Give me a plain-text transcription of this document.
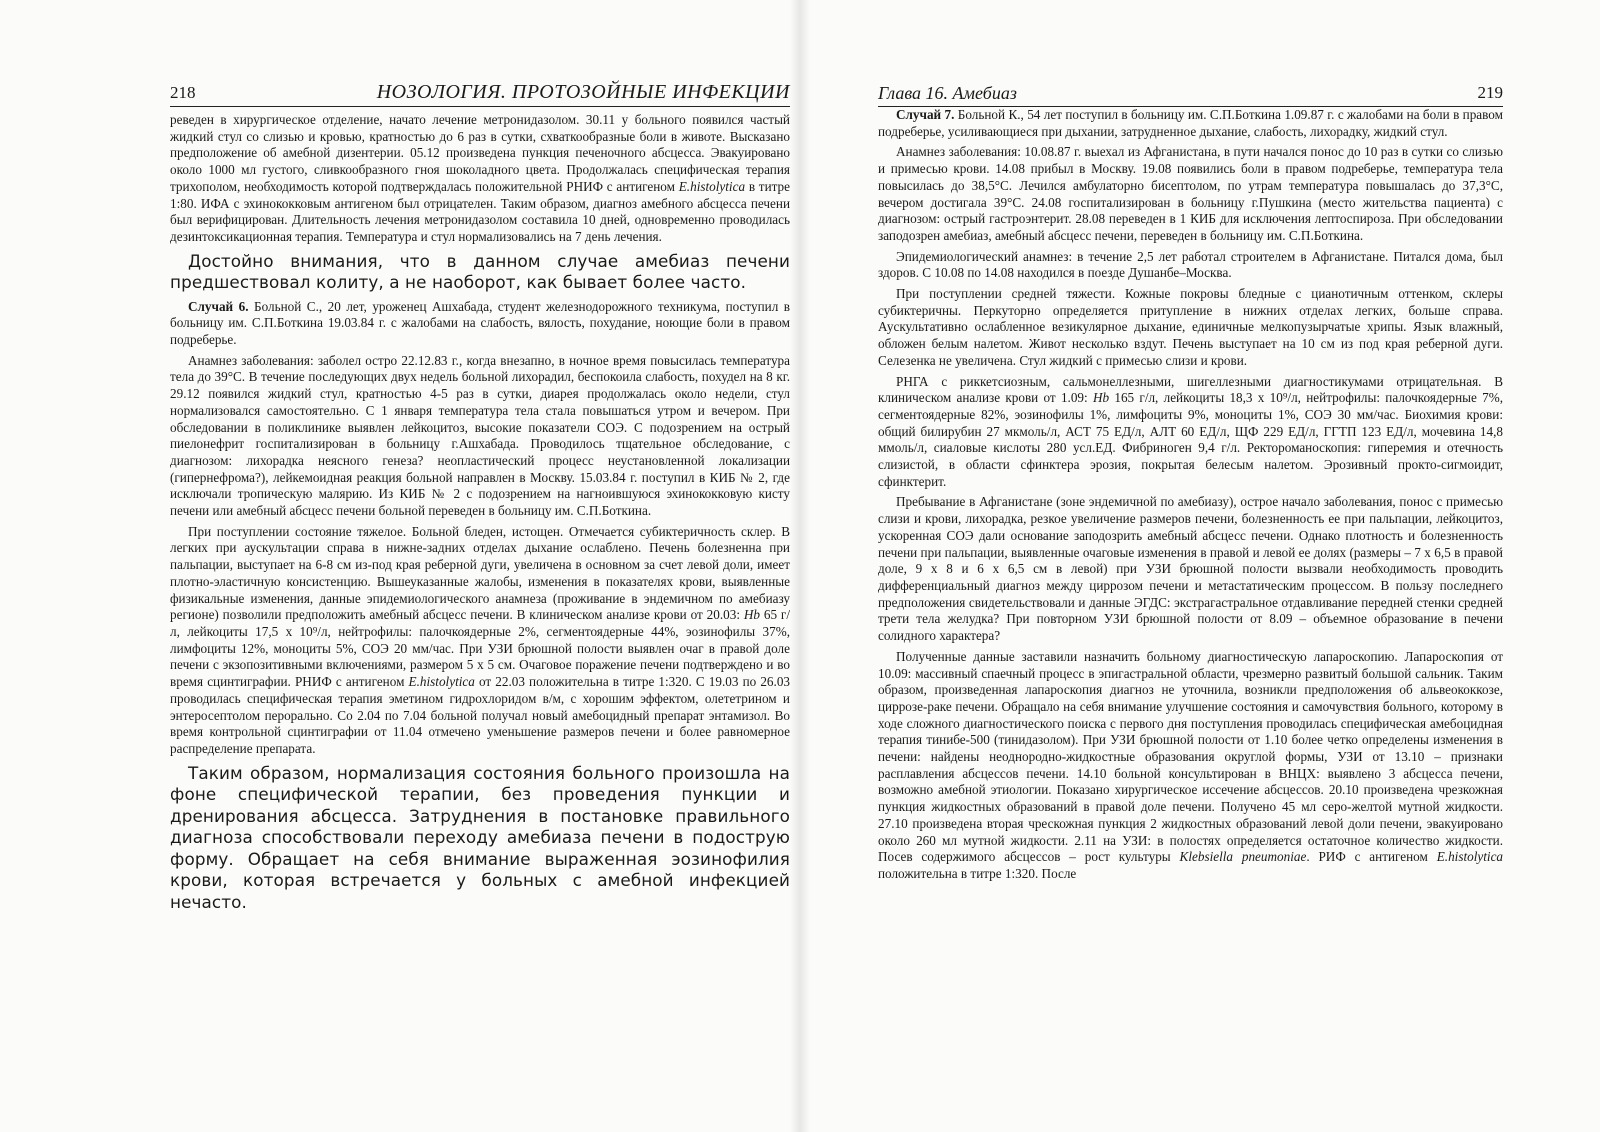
218	НОЗОЛОГИЯ. ПРОТОЗОЙНЫЕ ИНФЕКЦИИ

реведен в хирургическое отделение, начато лечение метронидазолом. 30.11 у больного появился частый жидкий стул со слизью и кровью, кратностью до 6 раз в сутки, схваткообразные боли в животе. Высказано предположение об амебной дизентерии. 05.12 произведена пункция печеночного абсцесса. Эвакуировано около 1000 мл густого, сливкообразного гноя шоколадного цвета. Продолжалась специфическая терапия трихополом, необходимость которой подтверждалась положительной РНИФ с антигеном E.histolytica в титре 1:80. ИФА с эхинококковым антигеном был отрицателен. Таким образом, диагноз амебного абсцесса печени был верифицирован. Длительность лечения метронидазолом составила 10 дней, одновременно проводилась дезинтоксикационная терапия. Температура и стул нормализовались на 7 день лечения.

Достойно внимания, что в данном случае амебиаз печени предшествовал колиту, а не наоборот, как бывает более часто.

Случай 6. Больной С., 20 лет, уроженец Ашхабада, студент железнодорожного техникума, поступил в больницу им. С.П.Боткина 19.03.84 г. с жалобами на слабость, вялость, похудание, ноющие боли в правом подреберье.

Анамнез заболевания: заболел остро 22.12.83 г., когда внезапно, в ночное время повысилась температура тела до 39°С. В течение последующих двух недель больной лихорадил, беспокоила слабость, похудел на 8 кг. 29.12 появился жидкий стул, кратностью 4-5 раз в сутки, диарея продолжалась около недели, стул нормализовался самостоятельно. С 1 января температура тела стала повышаться утром и вечером. При обследовании в поликлинике выявлен лейкоцитоз, высокие показатели СОЭ. С подозрением на острый пиелонефрит госпитализирован в больницу г.Ашхабада. Проводилось тщательное обследование, с диагнозом: лихорадка неясного генеза? неопластический процесс неустановленной локализации (гипернефрома?), лейкемоидная реакция больной направлен в Москву. 15.03.84 г. поступил в КИБ № 2, где исключали тропическую малярию. Из КИБ № 2 с подозрением на нагноившуюся эхинококковую кисту печени или амебный абсцесс печени больной переведен в больницу им. С.П.Боткина.

При поступлении состояние тяжелое. Больной бледен, истощен. Отмечается субиктеричность склер. В легких при аускультации справа в нижне-задних отделах дыхание ослаблено. Печень болезненна при пальпации, выступает на 6-8 см из-под края реберной дуги, увеличена в основном за счет левой доли, имеет плотно-эластичную консистенцию. Вышеуказанные жалобы, изменения в показателях крови, выявленные физикальные изменения, данные эпидемиологического анамнеза (проживание в эндемичном по амебиазу регионе) позволили предположить амебный абсцесс печени. В клиническом анализе крови от 20.03: Hb 65 г/л, лейкоциты 17,5 x 10⁹/л, нейтрофилы: палочкоядерные 2%, сегментоядерные 44%, эозинофилы 37%, лимфоциты 12%, моноциты 5%, СОЭ 20 мм/час. При УЗИ брюшной полости выявлен очаг в правой доле печени с экзопозитивными включениями, размером 5 x 5 см. Очаговое поражение печени подтверждено и во время сцинтиграфии. РНИФ с антигеном E.histolytica от 22.03 положительна в титре 1:320. С 19.03 по 26.03 проводилась специфическая терапия эметином гидрохлоридом в/м, с хорошим эффектом, олететрином и энтеросептолом перорально. Со 2.04 по 7.04 больной получал новый амебоцидный препарат энтамизол. Во время контрольной сцинтиграфии от 11.04 отмечено уменьшение размеров печени и более равномерное распределение препарата.

Таким образом, нормализация состояния больного произошла на фоне специфической терапии, без проведения пункции и дренирования абсцесса. Затруднения в постановке правильного диагноза способствовали переходу амебиаза печени в подострую форму. Обращает на себя внимание выраженная эозинофилия крови, которая встречается у больных с амебной инфекцией нечасто.

Глава 16. Амебиаз	219

Случай 7. Больной К., 54 лет поступил в больницу им. С.П.Боткина 1.09.87 г. с жалобами на боли в правом подреберье, усиливающиеся при дыхании, затрудненное дыхание, слабость, лихорадку, жидкий стул.

Анамнез заболевания: 10.08.87 г. выехал из Афганистана, в пути начался понос до 10 раз в сутки со слизью и примесью крови. 14.08 прибыл в Москву. 19.08 появились боли в правом подреберье, температура тела повысилась до 38,5°С. Лечился амбулаторно бисептолом, по утрам температура повышалась до 37,3°С, вечером достигала 39°С. 24.08 госпитализирован в больницу г.Пушкина (место жительства пациента) с диагнозом: острый гастроэнтерит. 28.08 переведен в 1 КИБ для исключения лептоспироза. При обследовании заподозрен амебиаз, амебный абсцесс печени, переведен в больницу им. С.П.Боткина.

Эпидемиологический анамнез: в течение 2,5 лет работал строителем в Афганистане. Питался дома, был здоров. С 10.08 по 14.08 находился в поезде Душанбе–Москва.

При поступлении средней тяжести. Кожные покровы бледные с цианотичным оттенком, склеры субиктеричны. Перкуторно определяется притупление в нижних отделах легких, больше справа. Аускультативно ослабленное везикулярное дыхание, единичные мелкопузырчатые хрипы. Язык влажный, обложен белым налетом. Живот несколько вздут. Печень выступает на 10 см из под края реберной дуги. Селезенка не увеличена. Стул жидкий с примесью слизи и крови.

РНГА с риккетсиозным, сальмонеллезными, шигеллезными диагностикумами отрицательная. В клиническом анализе крови от 1.09: Hb 165 г/л, лейкоциты 18,3 x 10⁹/л, нейтрофилы: палочкоядерные 7%, сегментоядерные 82%, эозинофилы 1%, лимфоциты 9%, моноциты 1%, СОЭ 30 мм/час. Биохимия крови: общий билирубин 27 мкмоль/л, АСТ 75 ЕД/л, АЛТ 60 ЕД/л, ЩФ 229 ЕД/л, ГГТП 123 ЕД/л, мочевина 14,8 ммоль/л, сиаловые кислоты 280 усл.ЕД. Фибриноген 9,4 г/л. Ректороманоскопия: гиперемия и отечность слизистой, в области сфинктера эрозия, покрытая белесым налетом. Эрозивный прокто-сигмоидит, сфинктерит.

Пребывание в Афганистане (зоне эндемичной по амебиазу), острое начало заболевания, понос с примесью слизи и крови, лихорадка, резкое увеличение размеров печени, болезненность ее при пальпации, лейкоцитоз, ускоренная СОЭ дали основание заподозрить амебный абсцесс печени. Однако плотность и болезненность печени при пальпации, выявленные очаговые изменения в правой и левой ее долях (размеры – 7 x 6,5 в правой доле, 9 x 8 и 6 x 6,5 см в левой) при УЗИ брюшной полости вызвали необходимость проводить дифференциальный диагноз между циррозом печени и метастатическим процессом. В пользу последнего предположения свидетельствовали и данные ЭГДС: экстрагастральное отдавливание передней стенки средней трети тела желудка? При повторном УЗИ брюшной полости от 8.09 – объемное образование в печени солидного характера?

Полученные данные заставили назначить больному диагностическую лапароскопию. Лапароскопия от 10.09: массивный спаечный процесс в эпигастральной области, чрезмерно развитый большой сальник. Таким образом, произведенная лапароскопия диагноз не уточнила, возникли предположения об альвеококкозе, циррозе-раке печени. Обращало на себя внимание улучшение состояния и самочувствия больного, которому в ходе сложного диагностического поиска с первого дня поступления проводилась специфическая амебоцидная терапия тинибе-500 (тинидазолом). При УЗИ брюшной полости от 1.10 более четко определены изменения в печени: найдены неоднородно-жидкостные образования округлой формы, УЗИ от 13.10 – признаки расплавления абсцессов печени. 14.10 больной консультирован в ВНЦХ: выявлено 3 абсцесса печени, возможно амебной этиологии. Показано хирургическое иссечение абсцессов. 20.10 произведена чрезкожная пункция жидкостных образований в правой доле печени. Получено 45 мл серо-желтой мутной жидкости. 27.10 произведена вторая чрескожная пункция 2 жидкостных образований левой доли печени, эвакуировано около 260 мл мутной жидкости. 2.11 на УЗИ: в полостях определяется остаточное количество жидкости. Посев содержимого абсцессов – рост культуры Klebsiella pneumoniae. РИФ с антигеном E.histolytica положительна в титре 1:320. После
